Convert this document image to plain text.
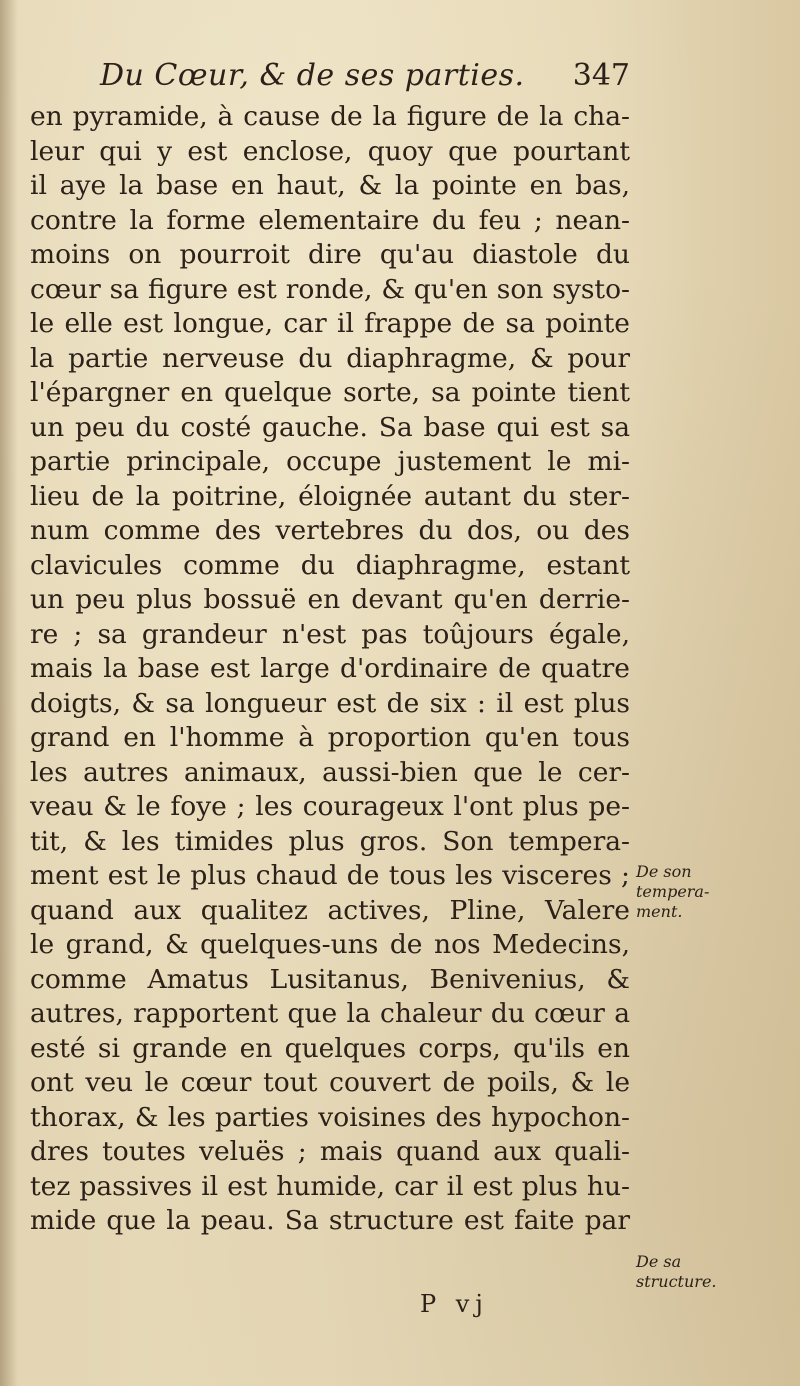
Du Cœur, & de ses parties. 347
en pyramide, à cause de la figure de la cha-
leur qui y est enclose, quoy que pourtant
il aye la base en haut, & la pointe en bas,
contre la forme elementaire du feu ; nean-
moins on pourroit dire qu'au diastole du
cœur sa figure est ronde, & qu'en son systo-
le elle est longue, car il frappe de sa pointe
la partie nerveuse du diaphragme, & pour
l'épargner en quelque sorte, sa pointe tient
un peu du costé gauche. Sa base qui est sa
partie principale, occupe justement le mi-
lieu de la poitrine, éloignée autant du ster-
num comme des vertebres du dos, ou des
clavicules comme du diaphragme, estant
un peu plus bossuë en devant qu'en derrie-
re ; sa grandeur n'est pas toûjours égale,
mais la base est large d'ordinaire de quatre
doigts, & sa longueur est de six : il est plus
grand en l'homme à proportion qu'en tous
les autres animaux, aussi-bien que le cer-
veau & le foye ; les courageux l'ont plus pe-
tit, & les timides plus gros. Son tempera-
ment est le plus chaud de tous les visceres ;
quand aux qualitez actives, Pline, Valere
le grand, & quelques-uns de nos Medecins,
comme Amatus Lusitanus, Benivenius, &
autres, rapportent que la chaleur du cœur a
esté si grande en quelques corps, qu'ils en
ont veu le cœur tout couvert de poils, & le
thorax, & les parties voisines des hypochon-
dres toutes veluës ; mais quand aux quali-
tez passives il est humide, car il est plus hu-
mide que la peau. Sa structure est faite par
De son
tempera-
ment.
De sa
structure.
P vj
